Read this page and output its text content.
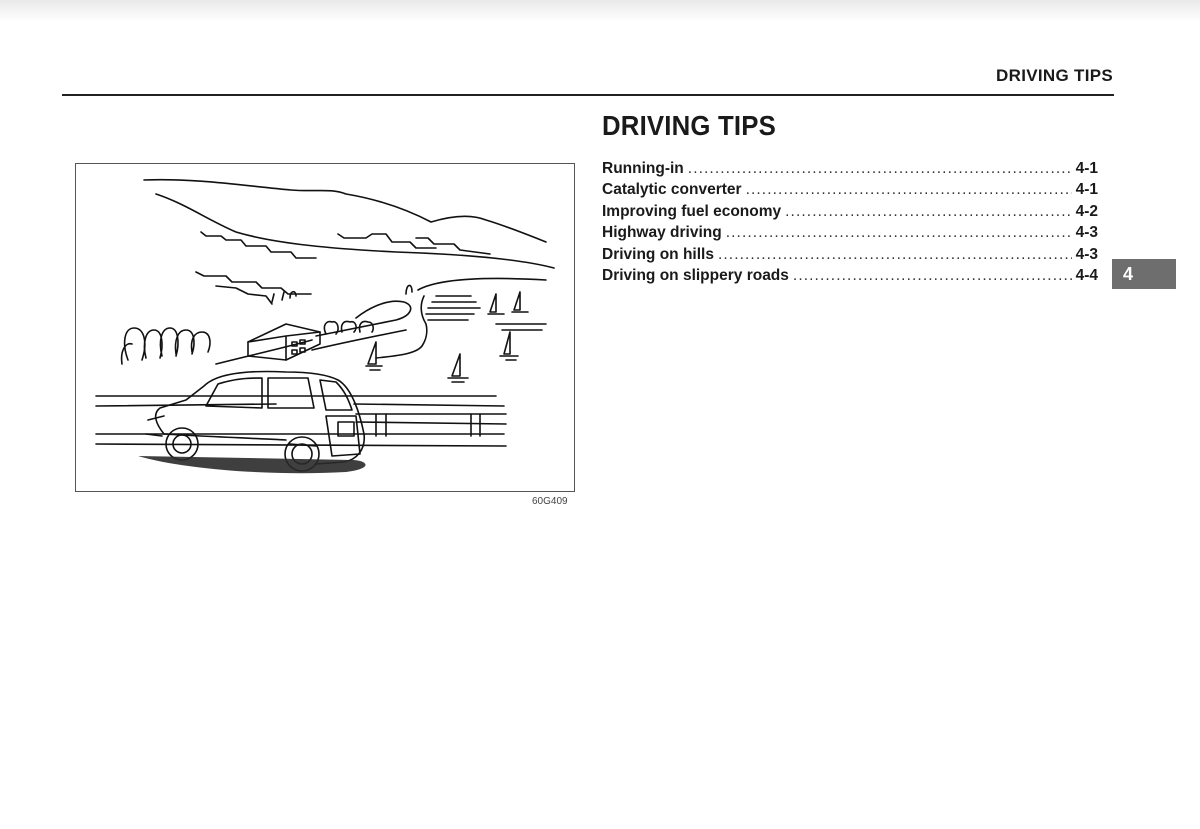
DRIVING TIPS
60G409
DRIVING TIPS
Running-in . . .	4-1
Catalytic converter . . .	4-1
Improving fuel economy . . .	4-2
Highway driving . . .	4-3
Driving on hills . . .	4-3
Driving on slippery roads . . .	4-4	4
